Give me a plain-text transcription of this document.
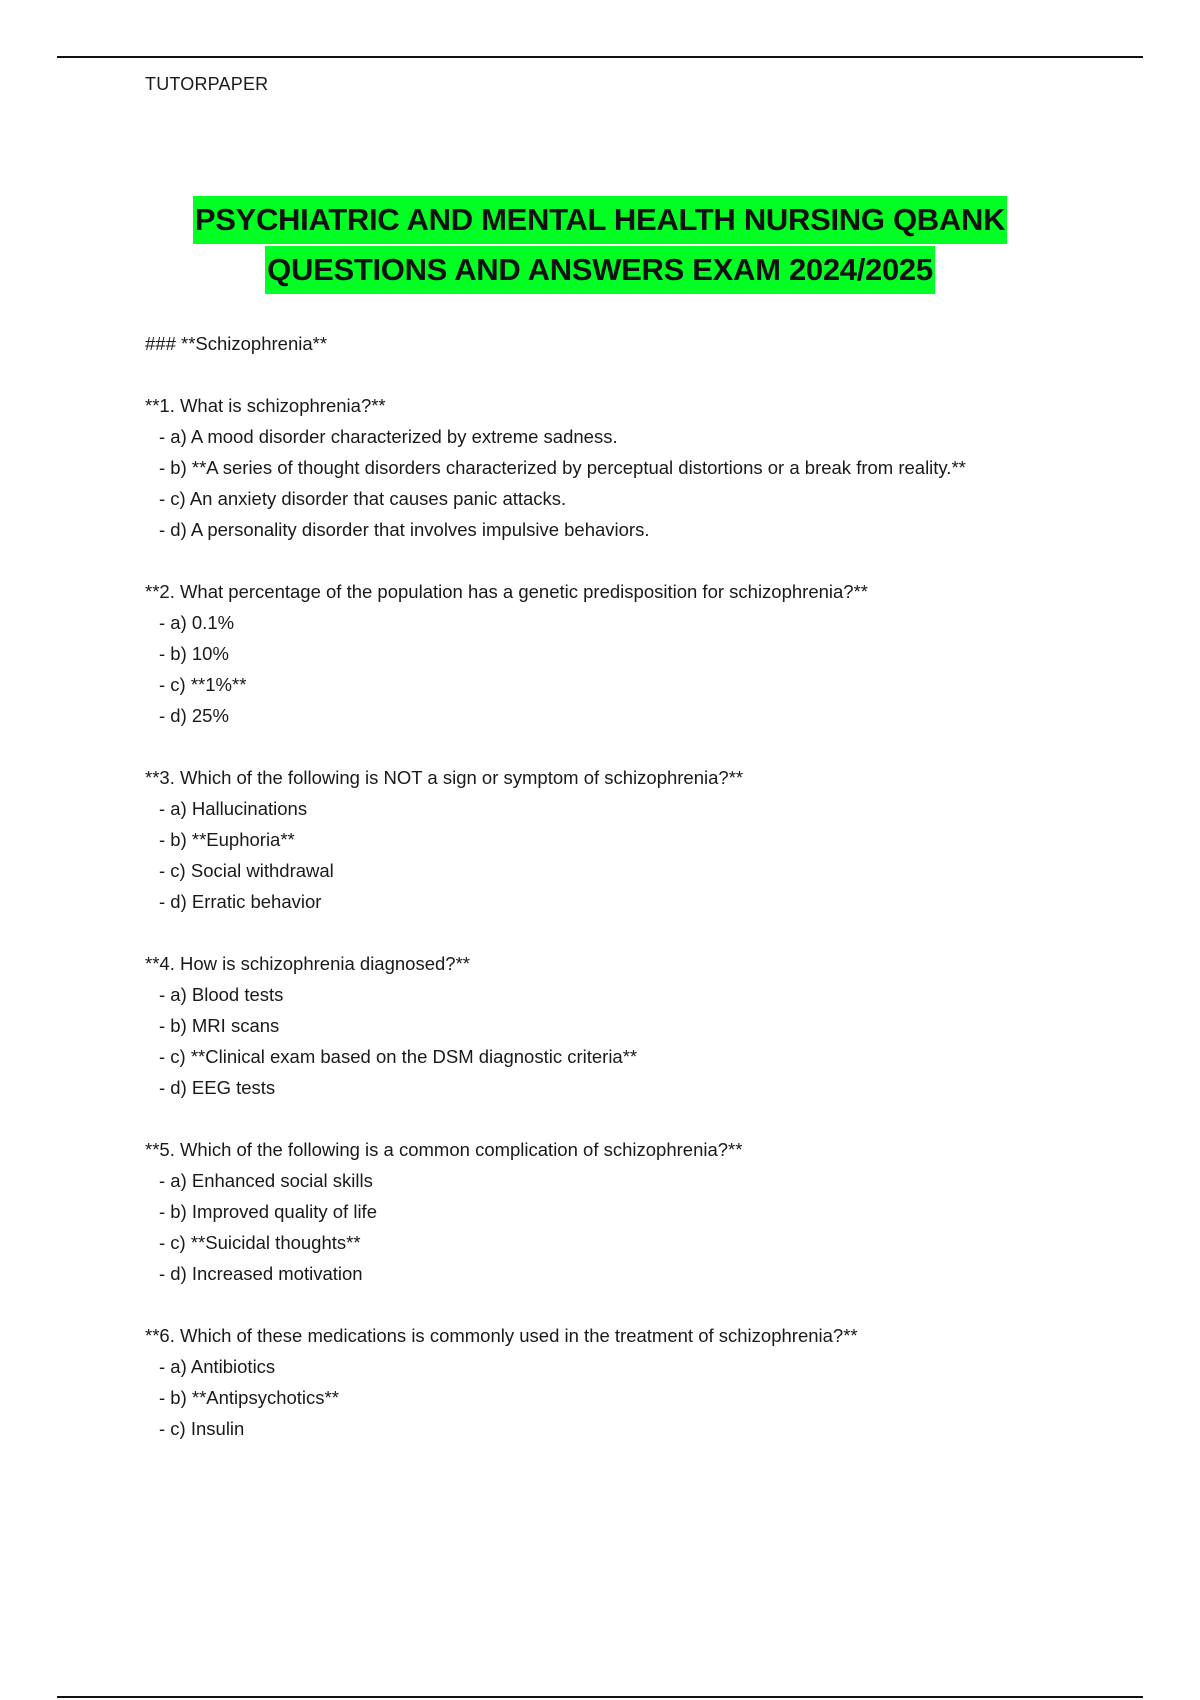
TUTORPAPER
PSYCHIATRIC AND MENTAL HEALTH NURSING QBANK
QUESTIONS AND ANSWERS EXAM 2024/2025
### **Schizophrenia**
**1. What is schizophrenia?**
- a) A mood disorder characterized by extreme sadness.
- b) **A series of thought disorders characterized by perceptual distortions or a break from reality.**
- c) An anxiety disorder that causes panic attacks.
- d) A personality disorder that involves impulsive behaviors.
**2. What percentage of the population has a genetic predisposition for schizophrenia?**
- a) 0.1%
- b) 10%
- c) **1%**
- d) 25%
**3. Which of the following is NOT a sign or symptom of schizophrenia?**
- a) Hallucinations
- b) **Euphoria**
- c) Social withdrawal
- d) Erratic behavior
**4. How is schizophrenia diagnosed?**
- a) Blood tests
- b) MRI scans
- c) **Clinical exam based on the DSM diagnostic criteria**
- d) EEG tests
**5. Which of the following is a common complication of schizophrenia?**
- a) Enhanced social skills
- b) Improved quality of life
- c) **Suicidal thoughts**
- d) Increased motivation
**6. Which of these medications is commonly used in the treatment of schizophrenia?**
- a) Antibiotics
- b) **Antipsychotics**
- c) Insulin
